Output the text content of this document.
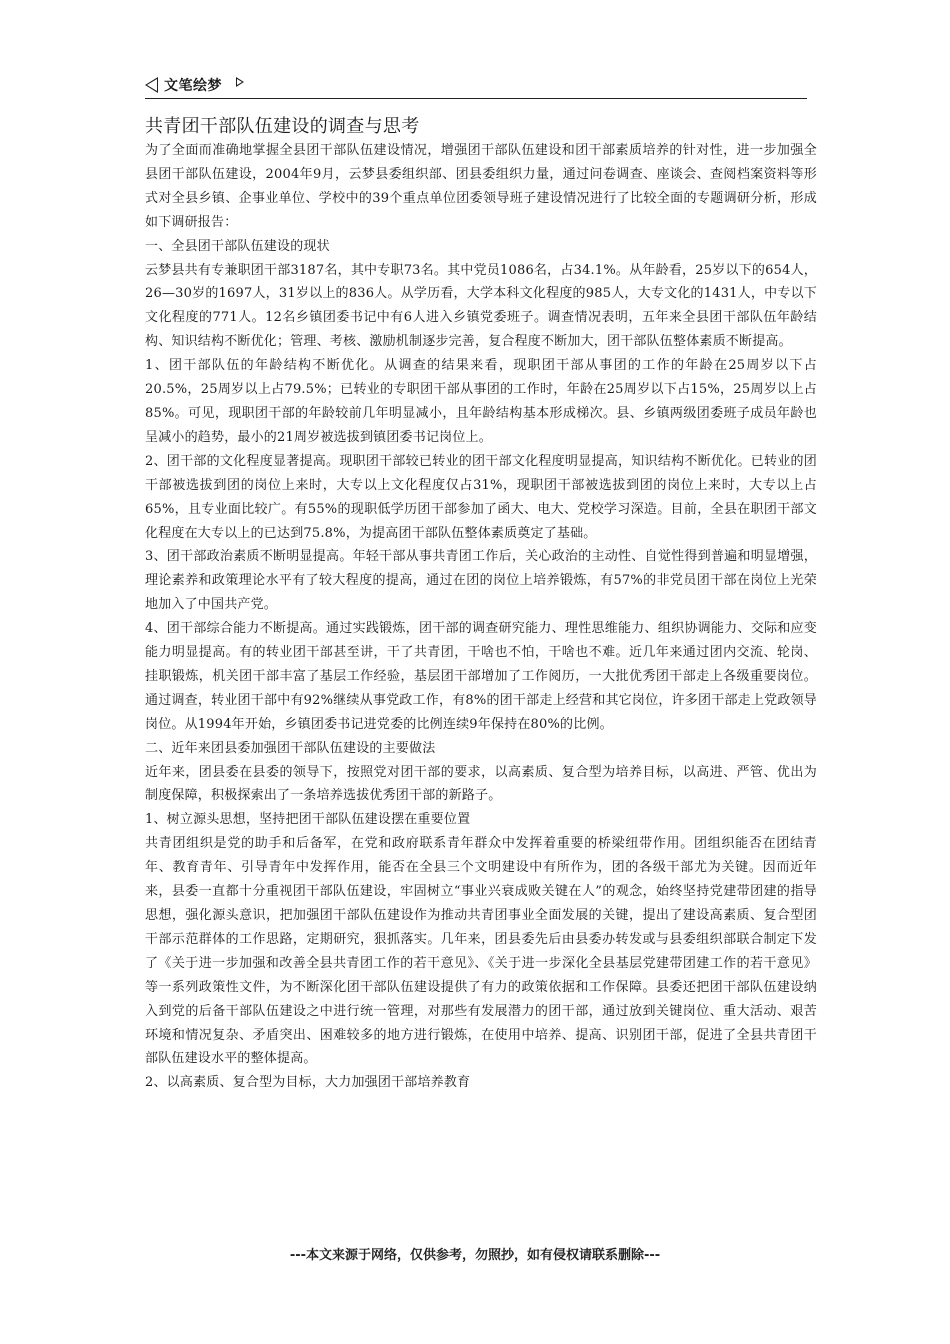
文笔绘梦
共青团干部队伍建设的调查与思考

为了全面而准确地掌握全县团干部队伍建设情况，增强团干部队伍建设和团干部素质培养的针对性，进一步加强全县团干部队伍建设，2004年9月，云梦县委组织部、团县委组织力量，通过问卷调查、座谈会、查阅档案资料等形式对全县乡镇、企事业单位、学校中的39个重点单位团委领导班子建设情况进行了比较全面的专题调研分析，形成如下调研报告：

一、全县团干部队伍建设的现状

云梦县共有专兼职团干部3187名，其中专职73名。其中党员1086名，占34.1%。从年龄看，25岁以下的654人，26—30岁的1697人，31岁以上的836人。从学历看，大学本科文化程度的985人，大专文化的1431人，中专以下文化程度的771人。12名乡镇团委书记中有6人进入乡镇党委班子。调查情况表明，五年来全县团干部队伍年龄结构、知识结构不断优化；管理、考核、激励机制逐步完善，复合程度不断加大，团干部队伍整体素质不断提高。

1、团干部队伍的年龄结构不断优化。从调查的结果来看，现职团干部从事团的工作的年龄在25周岁以下占20.5%，25周岁以上占79.5%；已转业的专职团干部从事团的工作时，年龄在25周岁以下占15%，25周岁以上占85%。可见，现职团干部的年龄较前几年明显减小，且年龄结构基本形成梯次。县、乡镇两级团委班子成员年龄也呈减小的趋势，最小的21周岁被选拔到镇团委书记岗位上。

2、团干部的文化程度显著提高。现职团干部较已转业的团干部文化程度明显提高，知识结构不断优化。已转业的团干部被选拔到团的岗位上来时，大专以上文化程度仅占31%，现职团干部被选拔到团的岗位上来时，大专以上占65%，且专业面比较广。有55%的现职低学历团干部参加了函大、电大、党校学习深造。目前，全县在职团干部文化程度在大专以上的已达到75.8%，为提高团干部队伍整体素质奠定了基础。

3、团干部政治素质不断明显提高。年轻干部从事共青团工作后，关心政治的主动性、自觉性得到普遍和明显增强，理论素养和政策理论水平有了较大程度的提高，通过在团的岗位上培养锻炼，有57%的非党员团干部在岗位上光荣地加入了中国共产党。

4、团干部综合能力不断提高。通过实践锻炼，团干部的调查研究能力、理性思维能力、组织协调能力、交际和应变能力明显提高。有的转业团干部甚至讲，干了共青团，干啥也不怕，干啥也不难。近几年来通过团内交流、轮岗、挂职锻炼，机关团干部丰富了基层工作经验，基层团干部增加了工作阅历，一大批优秀团干部走上各级重要岗位。通过调查，转业团干部中有92%继续从事党政工作，有8%的团干部走上经营和其它岗位，许多团干部走上党政领导岗位。从1994年开始，乡镇团委书记进党委的比例连续9年保持在80%的比例。

二、近年来团县委加强团干部队伍建设的主要做法

近年来，团县委在县委的领导下，按照党对团干部的要求，以高素质、复合型为培养目标，以高进、严管、优出为制度保障，积极探索出了一条培养选拔优秀团干部的新路子。

1、树立源头思想，坚持把团干部队伍建设摆在重要位置

共青团组织是党的助手和后备军，在党和政府联系青年群众中发挥着重要的桥梁纽带作用。团组织能否在团结青年、教育青年、引导青年中发挥作用，能否在全县三个文明建设中有所作为，团的各级干部尤为关键。因而近年来，县委一直都十分重视团干部队伍建设，牢固树立“事业兴衰成败关键在人”的观念，始终坚持党建带团建的指导思想，强化源头意识，把加强团干部队伍建设作为推动共青团事业全面发展的关键，提出了建设高素质、复合型团干部示范群体的工作思路，定期研究，狠抓落实。几年来，团县委先后由县委办转发或与县委组织部联合制定下发了《关于进一步加强和改善全县共青团工作的若干意见》、《关于进一步深化全县基层党建带团建工作的若干意见》等一系列政策性文件，为不断深化团干部队伍建设提供了有力的政策依据和工作保障。县委还把团干部队伍建设纳入到党的后备干部队伍建设之中进行统一管理，对那些有发展潜力的团干部，通过放到关键岗位、重大活动、艰苦环境和情况复杂、矛盾突出、困难较多的地方进行锻炼，在使用中培养、提高、识别团干部，促进了全县共青团干部队伍建设水平的整体提高。

2、以高素质、复合型为目标，大力加强团干部培养教育

---本文来源于网络，仅供参考，勿照抄，如有侵权请联系删除---
